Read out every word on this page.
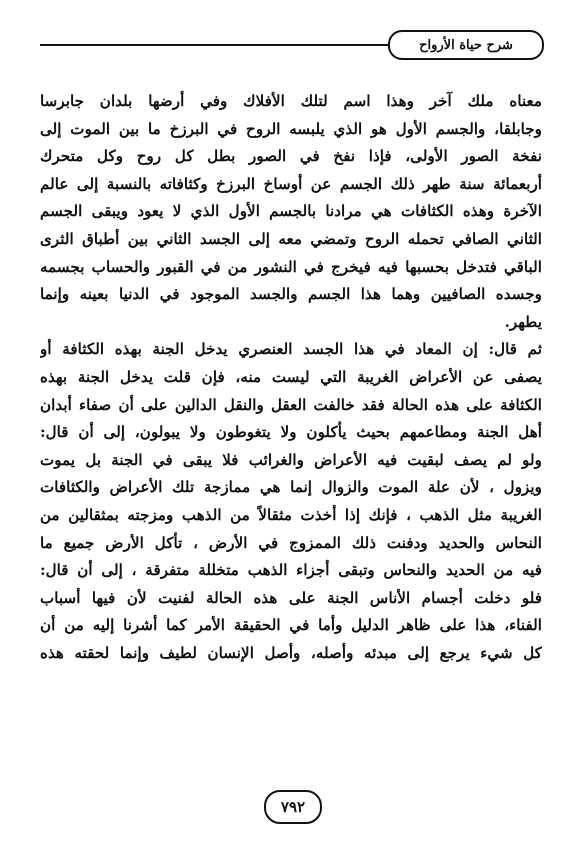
شرح حياة الأرواح
معناه ملك آخر وهذا اسم لتلك الأفلاك وفي أرضها بلدان جابرسا
وجابلقا، والجسم الأول هو الذي يلبسه الروح في البرزخ ما بين الموت إلى
نفخة الصور الأولى، فإذا نفخ في الصور بطل كل روح وكل متحرك
أربعمائة سنة طهر ذلك الجسم عن أوساخ البرزخ وكثافاته بالنسبة إلى عالم
الآخرة وهذه الكثافات هي مرادنا بالجسم الأول الذي لا يعود ويبقى الجسم
الثاني الصافي تحمله الروح وتمضي معه إلى الجسد الثاني بين أطباق الثرى
الباقي فتدخل بحسبها فيه فيخرج في النشور من في القبور والحساب بجسمه
وجسده الصافيين وهما هذا الجسم والجسد الموجود في الدنيا بعينه وإنما
يطهر.
ثم قال: إن المعاد في هذا الجسد العنصري يدخل الجنة بهذه الكثافة أو
يصفى عن الأعراض الغريبة التي ليست منه، فإن قلت يدخل الجنة بهذه
الكثافة على هذه الحالة فقد خالفت العقل والنقل الدالين على أن صفاء أبدان
أهل الجنة ومطاعمهم بحيث يأكلون ولا يتغوطون ولا يبولون، إلى أن قال:
ولو لم يصف لبقيت فيه الأعراض والغرائب فلا يبقى في الجنة بل يموت
ويزول ، لأن علة الموت والزوال إنما هي ممازجة تلك الأعراض والكثافات
الغريبة مثل الذهب ، فإنك إذا أخذت مثقالاً من الذهب ومزجته بمثقالين من
النحاس والحديد ودفنت ذلك الممزوج في الأرض ، تأكل الأرض جميع ما
فيه من الحديد والنحاس وتبقى أجزاء الذهب متخللة متفرقة ، إلى أن قال:
فلو دخلت أجسام الأناس الجنة على هذه الحالة لفنيت لأن فيها أسباب
الفناء، هذا على ظاهر الدليل وأما في الحقيقة الأمر كما أشرنا إليه من أن
كل شيء يرجع إلى مبدئه وأصله، وأصل الإنسان لطيف وإنما لحقته هذه
٧٩٢
